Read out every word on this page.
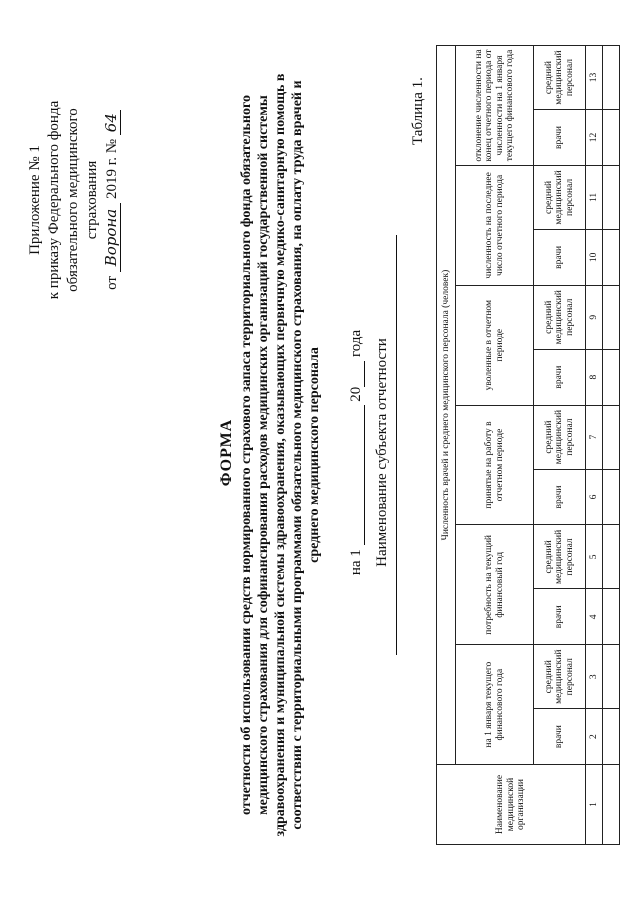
Приложение № 1 к приказу Федерального фонда обязательного медицинского страхования
от Ворона 2019 г. № 64
ФОРМА отчетности об использовании средств нормированного страхового запаса территориального фонда обязательного медицинского страхования для софинансирования расходов медицинских организаций государственной системы здравоохранения и муниципальной системы здравоохранения, оказывающих первичную медико-санитарную помощь в соответствии с территориальными программами обязательного медицинского страхования, на оплату труда врачей и среднего медицинского персонала на 1  20 года Наименование субъекта отчетности
Таблица 1.
Наименование медицинской организации	Численность врачей и среднего медицинского персонала (человек)											
	на 1 января текущего финансового года		потребность на текущий финансовый год		принятые на работу в отчетном периоде		уволенные в отчетном периоде		численность на последнее число отчетного периода		отклонение численности на конец отчетного периода от численности на 1 января текущего финансового года	
	врачи	средний медицинский персонал	врачи	средний медицинский персонал	врачи	средний медицинский персонал	врачи	средний медицинский персонал	врачи	средний медицинский персонал	врачи	средний медицинский персонал
1	2	3	4	5	6	7	8	9	10	11	12	13
